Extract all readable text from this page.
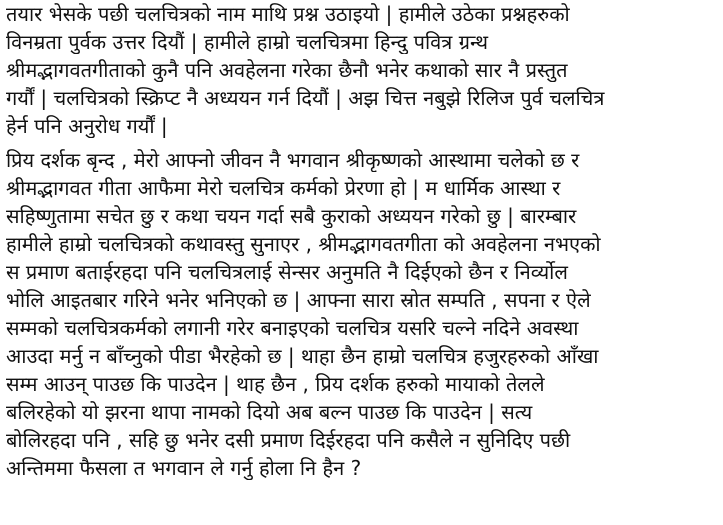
तयार भेसके पछी चलचित्रको नाम माथि प्रश्न उठाइयो | हामीले उठेका प्रश्नहरुको
विनम्रता पुर्वक उत्तर दियौं | हामीले हाम्रो चलचित्रमा हिन्दु पवित्र ग्रन्थ
श्रीमद्भागवतगीताको कुनै पनि अवहेलना गरेका छैनौ भनेर कथाको सार नै प्रस्तुत
गर्यौं | चलचित्रको स्क्रिप्ट नै अध्ययन गर्न दियौं | अझ चित्त नबुझे रिलिज पुर्व चलचित्र
हेर्न पनि अनुरोध गर्यौं |
प्रिय दर्शक बृन्द , मेरो आफ्नो जीवन नै भगवान श्रीकृष्णको आस्थामा चलेको छ र
श्रीमद्भागवत गीता आफैमा मेरो चलचित्र कर्मको प्रेरणा हो | म धार्मिक आस्था र
सहिष्णुतामा सचेत छु र कथा चयन गर्दा सबै कुराको अध्ययन गरेको छु | बारम्बार
हामीले हाम्रो चलचित्रको कथावस्तु सुनाएर , श्रीमद्भागवतगीता को अवहेलना नभएको
स प्रमाण बताईरहदा पनि चलचित्रलाई सेन्सर अनुमति नै दिईएको छैन र निर्व्योल
भोलि आइतबार गरिने भनेर भनिएको छ | आफ्ना सारा स्रोत सम्पति , सपना र ऐले
सम्मको चलचित्रकर्मको लगानी गरेर बनाइएको चलचित्र यसरि चल्ने नदिने अवस्था
आउदा मर्नु न बाँच्नुको पीडा भैरहेको छ | थाहा छैन हाम्रो चलचित्र हजुरहरुको आँखा
सम्म आउन् पाउछ कि पाउदेन | थाह छैन , प्रिय दर्शक हरुको मायाको तेलले
बलिरहेको यो झरना थापा नामको दियो अब बल्न पाउछ कि पाउदेन | सत्य
बोलिरहदा पनि , सहि छु भनेर दसी प्रमाण दिईरहदा पनि कसैले न सुनिदिए पछी
अन्तिममा फैसला त भगवान ले गर्नु होला नि हैन ?
